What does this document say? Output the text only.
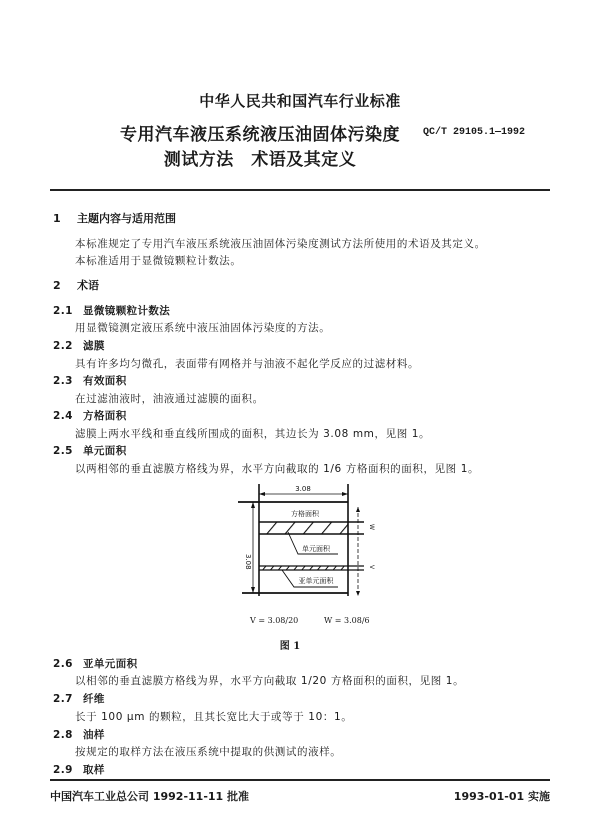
中华人民共和国汽车行业标准
QC/T 29105.1—1992
专用汽车液压系统液压油固体污染度
测试方法　术语及其定义
1 主题内容与适用范围
本标准规定了专用汽车液压系统液压油固体污染度测试方法所使用的术语及其定义。
本标准适用于显微镜颗粒计数法。
2 术语
2.1 显微镜颗粒计数法
用显微镜测定液压系统中液压油固体污染度的方法。
2.2 滤膜
具有许多均匀微孔，表面带有网格并与油液不起化学反应的过滤材料。
2.3 有效面积
在过滤油液时，油液通过滤膜的面积。
2.4 方格面积
滤膜上两水平线和垂直线所围成的面积，其边长为 3.08 mm，见图 1。
2.5 单元面积
以两相邻的垂直滤膜方格线为界，水平方向截取的 1/6 方格面积的面积，见图 1。
3.08
3.08
方格面积
单元面积
亚单元面积
W
V
V = 3.08/20	W = 3.08/6
图 1
2.6 亚单元面积
以相邻的垂直滤膜方格线为界，水平方向截取 1/20 方格面积的面积，见图 1。
2.7 纤维
长于 100 μm 的颗粒，且其长宽比大于或等于 10：1。
2.8 油样
按规定的取样方法在液压系统中提取的供测试的液样。
2.9 取样
中国汽车工业总公司 1992-11-11 批准	1993-01-01 实施
